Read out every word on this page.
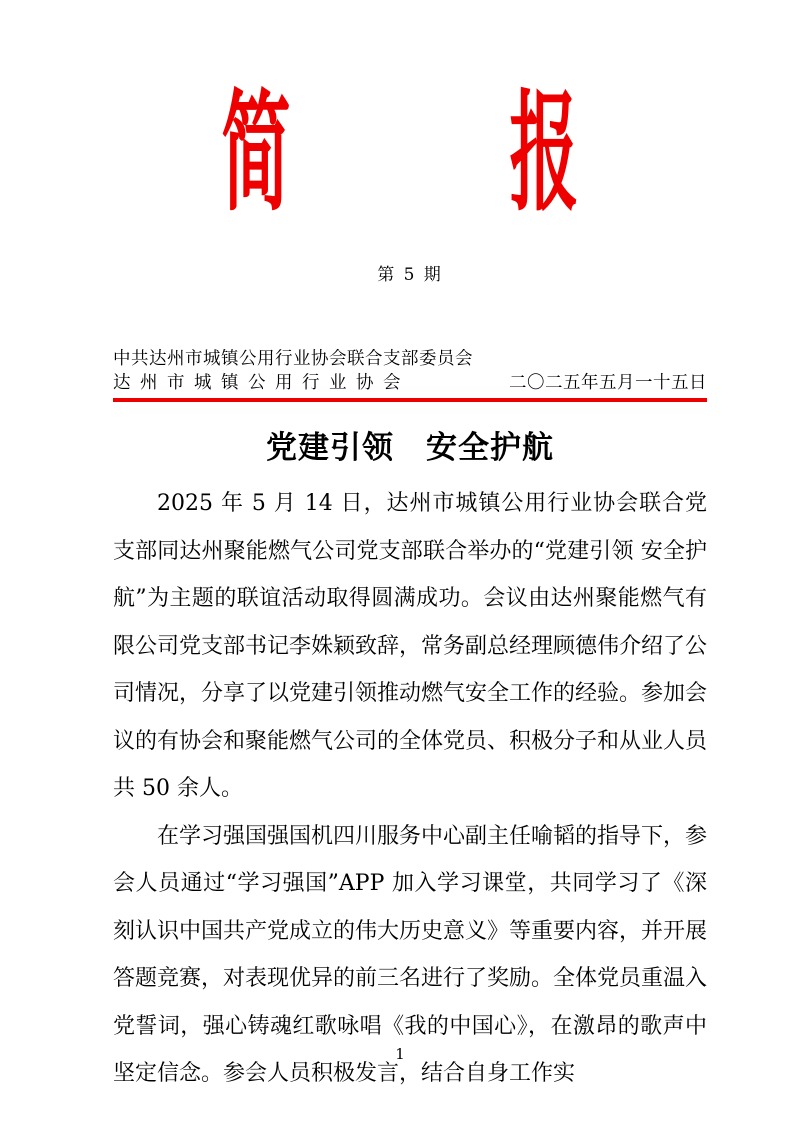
简 报
第 5 期
中共达州市城镇公用行业协会联合支部委员会
达州市城镇公用行业协会	二〇二五年五月一十五日
党建引领　安全护航

2025 年 5 月 14 日，达州市城镇公用行业协会联合党支部同达州聚能燃气公司党支部联合举办的“党建引领 安全护航”为主题的联谊活动取得圆满成功。会议由达州聚能燃气有限公司党支部书记李姝颖致辞，常务副总经理顾德伟介绍了公司情况，分享了以党建引领推动燃气安全工作的经验。参加会议的有协会和聚能燃气公司的全体党员、积极分子和从业人员共 50 余人。

在学习强国强国机四川服务中心副主任喻韬的指导下，参会人员通过“学习强国”APP 加入学习课堂，共同学习了《深刻认识中国共产党成立的伟大历史意义》等重要内容，并开展答题竞赛，对表现优异的前三名进行了奖励。全体党员重温入党誓词，强心铸魂红歌咏唱《我的中国心》，在激昂的歌声中坚定信念。参会人员积极发言，结合自身工作实

1
